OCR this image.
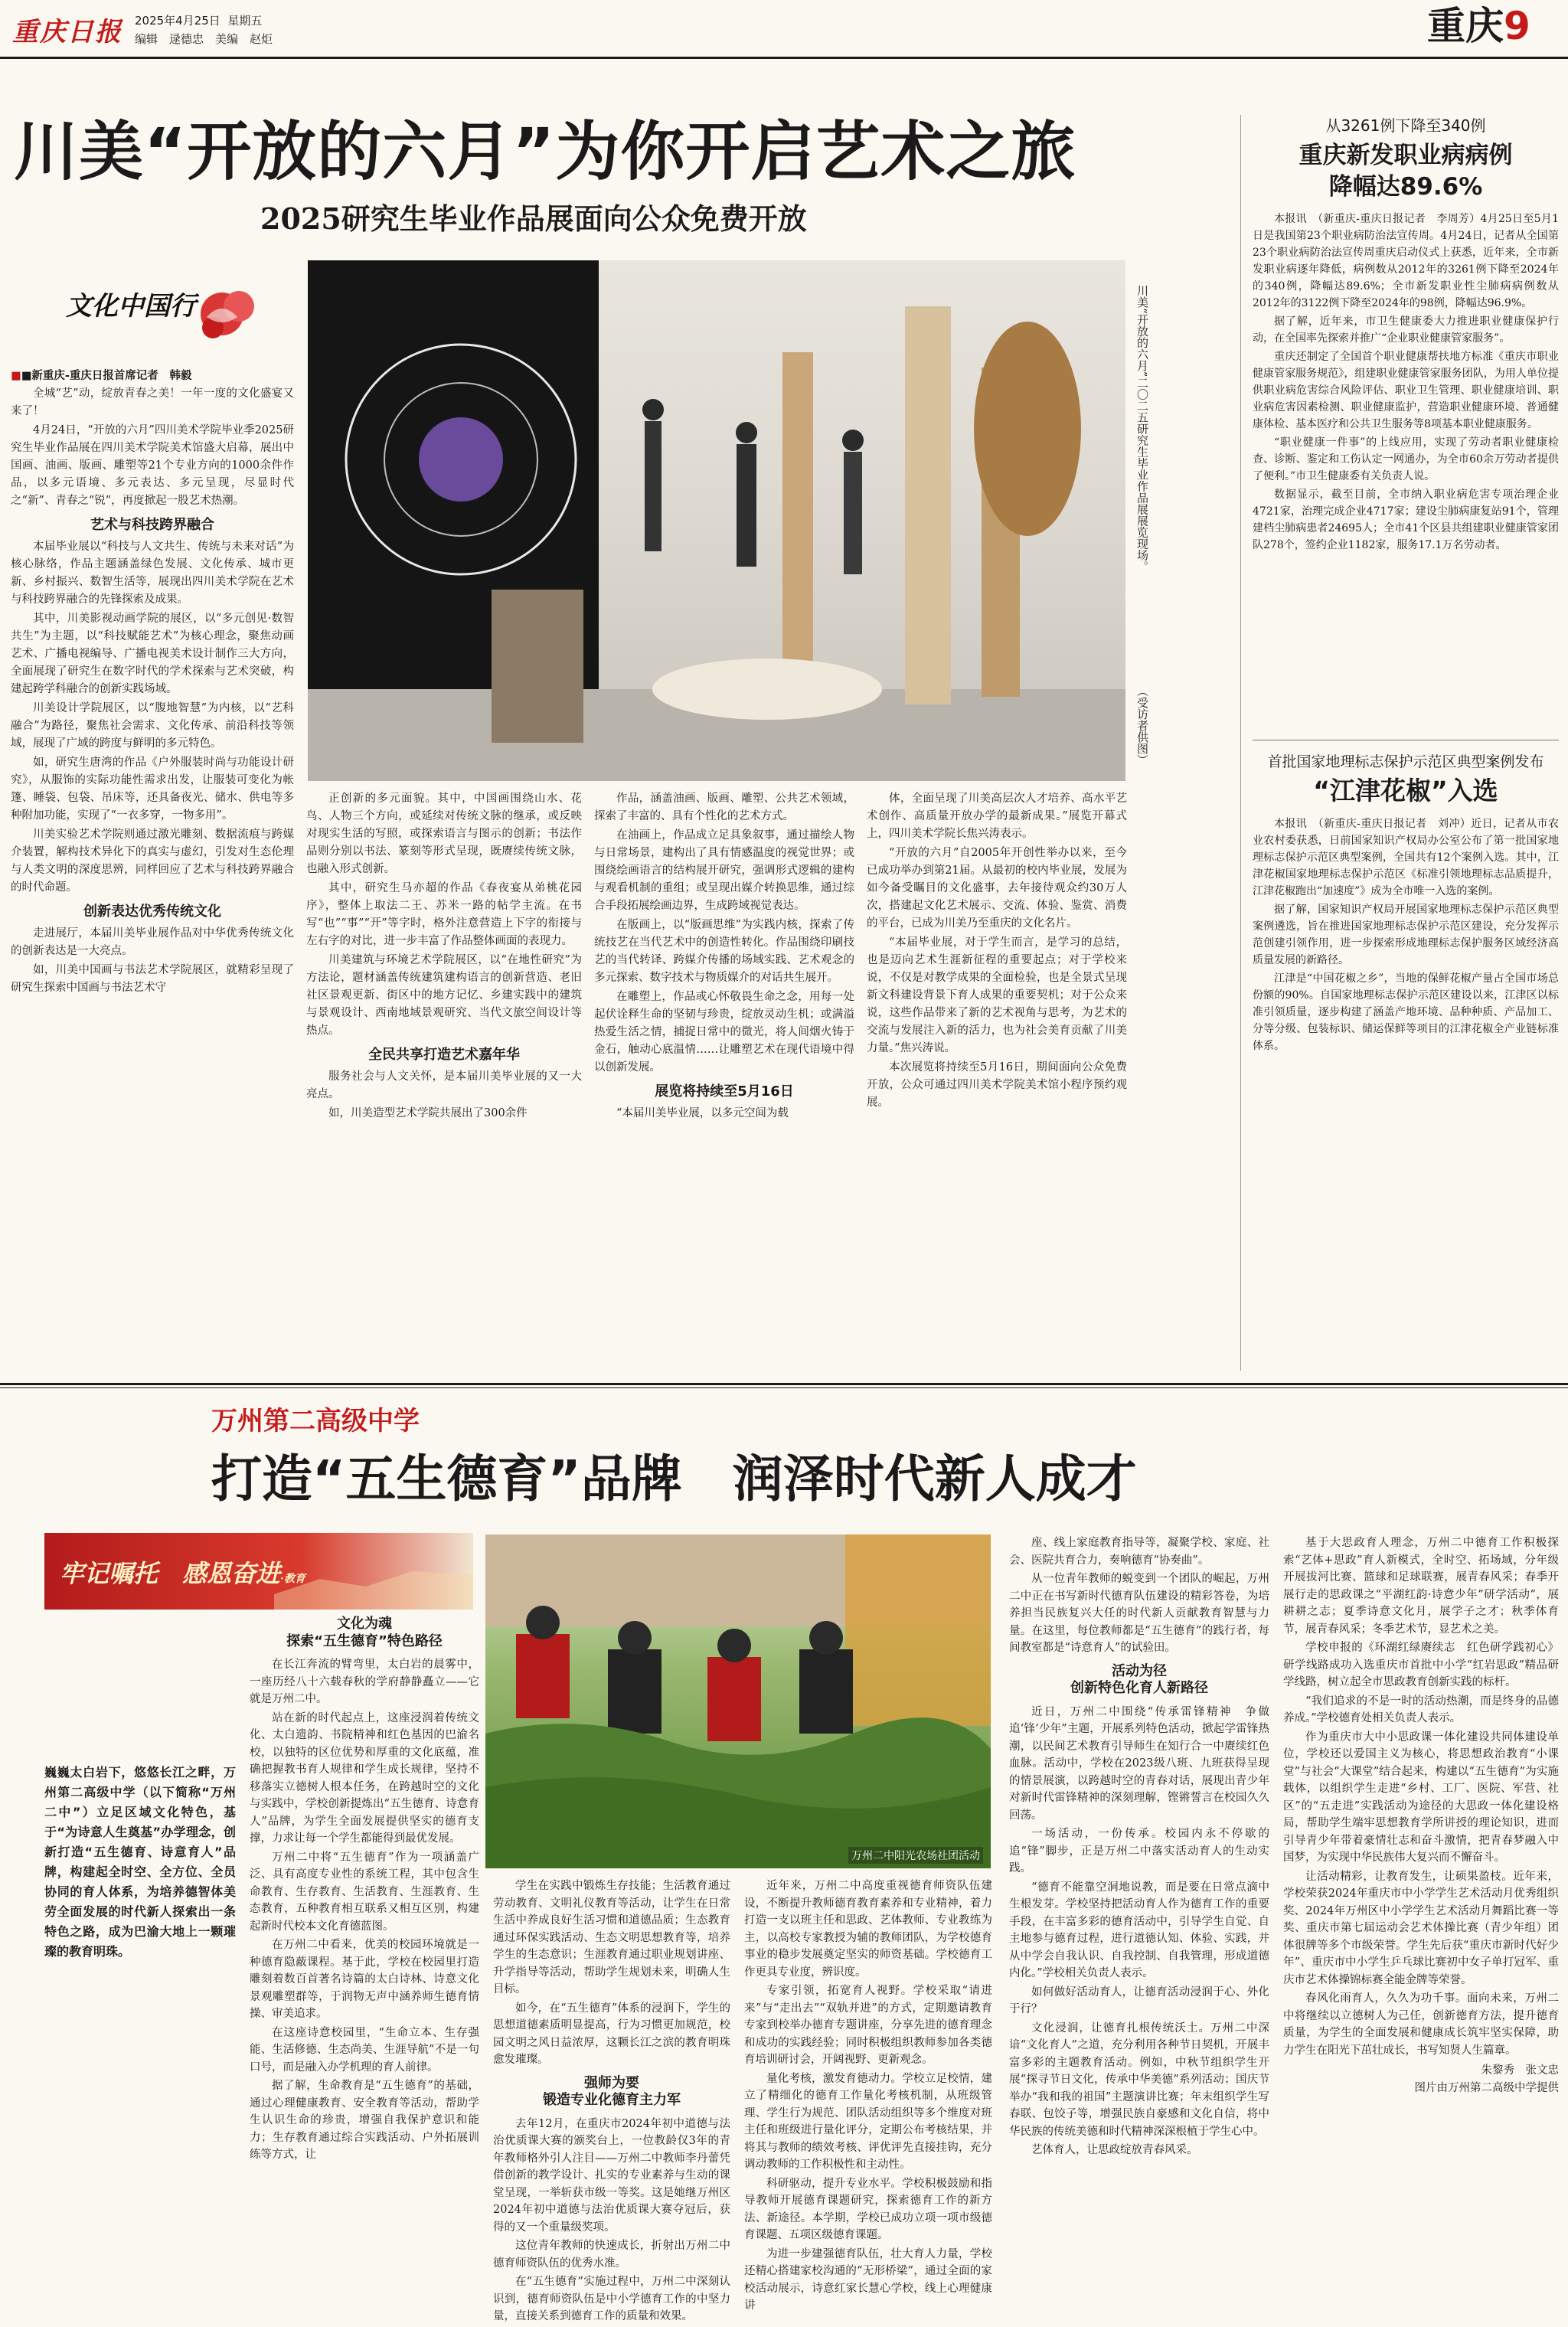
重庆日报 2025年4月25日 星期五
编辑　逯德忠　美编　赵炬	重庆9
川美“开放的六月”为你开启艺术之旅
2025研究生毕业作品展面向公众免费开放
文化中国行	川美“开放的六月”二〇二五研究生毕业作品展展览现场。
（受访者供图）
■■新重庆-重庆日报首席记者　韩毅

全城“艺”动，绽放青春之美！一年一度的文化盛宴又来了！

4月24日，“开放的六月”四川美术学院毕业季2025研究生毕业作品展在四川美术学院美术馆盛大启幕，展出中国画、油画、版画、雕塑等21个专业方向的1000余件作品，以多元语境、多元表达、多元呈现，尽显时代之“新”、青春之“锐”，再度掀起一股艺术热潮。

艺术与科技跨界融合

本届毕业展以“科技与人文共生、传统与未来对话”为核心脉络，作品主题涵盖绿色发展、文化传承、城市更新、乡村振兴、数智生活等，展现出四川美术学院在艺术与科技跨界融合的先锋探索及成果。

其中，川美影视动画学院的展区，以“多元创见·数智共生”为主题，以“科技赋能艺术”为核心理念，聚焦动画艺术、广播电视编导、广播电视美术设计制作三大方向，全面展现了研究生在数字时代的学术探索与艺术突破，构建起跨学科融合的创新实践场域。

川美设计学院展区，以“腹地智慧”为内核，以“艺科融合”为路径，聚焦社会需求、文化传承、前沿科技等领域，展现了广域的跨度与鲜明的多元特色。

如，研究生唐湾的作品《户外服装时尚与功能设计研究》，从服饰的实际功能性需求出发，让服装可变化为帐篷、睡袋、包袋、吊床等，还具备夜光、储水、供电等多种附加功能，实现了“一衣多穿，一物多用”。

川美实验艺术学院则通过激光雕刻、数据流痕与跨媒介装置，解构技术异化下的真实与虚幻，引发对生态伦理与人类文明的深度思辨，同样回应了艺术与科技跨界融合的时代命题。

创新表达优秀传统文化

走进展厅，本届川美毕业展作品对中华优秀传统文化的创新表达是一大亮点。

如，川美中国画与书法艺术学院展区，就精彩呈现了研究生探索中国画与书法艺术守

正创新的多元面貌。其中，中国画围绕山水、花鸟、人物三个方向，或延续对传统文脉的继承，或反映对现实生活的写照，或探索语言与图示的创新；书法作品则分别以书法、篆刻等形式呈现，既赓续传统文脉，也融入形式创新。

其中，研究生马亦超的作品《春夜宴从弟桃花园序》，整体上取法二王、苏米一路的帖学主流。在书写“也”“事”“开”等字时，格外注意营造上下字的衔接与左右字的对比，进一步丰富了作品整体画面的表现力。

川美建筑与环境艺术学院展区，以“在地性研究”为方法论，题材涵盖传统建筑建构语言的创新营造、老旧社区景观更新、街区中的地方记忆、乡建实践中的建筑与景观设计、西南地域景观研究、当代文旅空间设计等热点。

全民共享打造艺术嘉年华

服务社会与人文关怀，是本届川美毕业展的又一大亮点。

如，川美造型艺术学院共展出了300余件

作品，涵盖油画、版画、雕塑、公共艺术领域，探索了丰富的、具有个性化的艺术方式。

在油画上，作品成立足具象叙事，通过描绘人物与日常场景，建构出了具有情感温度的视觉世界；或围绕绘画语言的结构展开研究，强调形式逻辑的建构与观看机制的重组；或呈现出媒介转换思维，通过综合手段拓展绘画边界，生成跨域视觉表达。

在版画上，以“版画思维”为实践内核，探索了传统技艺在当代艺术中的创造性转化。作品围绕印刷技艺的当代转译、跨媒介传播的场域实践、艺术观念的多元探索、数字技术与物质媒介的对话共生展开。

在雕塑上，作品或心怀敬畏生命之念，用每一处起伏诠释生命的坚韧与珍贵，绽放灵动生机；或满溢热爱生活之情，捕捉日常中的微光，将人间烟火铸于金石，触动心底温情……让雕塑艺术在现代语境中得以创新发展。

展览将持续至5月16日

“本届川美毕业展，以多元空间为载

体，全面呈现了川美高层次人才培养、高水平艺术创作、高质量开放办学的最新成果。”展览开幕式上，四川美术学院长焦兴涛表示。

“开放的六月”自2005年开创性举办以来，至今已成功举办到第21届。从最初的校内毕业展，发展为如今备受瞩目的文化盛事，去年接待观众约30万人次，搭建起文化艺术展示、交流、体验、鉴赏、消费的平台，已成为川美乃至重庆的文化名片。

“本届毕业展，对于学生而言，是学习的总结，也是迈向艺术生涯新征程的重要起点；对于学校来说，不仅是对教学成果的全面检验，也是全景式呈现新文科建设背景下育人成果的重要契机；对于公众来说，这些作品带来了新的艺术视角与思考，为艺术的交流与发展注入新的活力，也为社会美育贡献了川美力量。”焦兴涛说。

本次展览将持续至5月16日，期间面向公众免费开放，公众可通过四川美术学院美术馆小程序预约观展。

从3261例下降至340例
重庆新发职业病病例
降幅达89.6%

本报讯　（新重庆-重庆日报记者　李周芳）4月25日至5月1日是我国第23个职业病防治法宣传周。4月24日，记者从全国第23个职业病防治法宣传周重庆启动仪式上获悉，近年来，全市新发职业病逐年降低，病例数从2012年的3261例下降至2024年的340例，降幅达89.6%；全市新发职业性尘肺病病例数从2012年的3122例下降至2024年的98例，降幅达96.9%。

据了解，近年来，市卫生健康委大力推进职业健康保护行动，在全国率先探索并推广“企业职业健康管家服务”。

重庆还制定了全国首个职业健康帮扶地方标准《重庆市职业健康管家服务规范》，组建职业健康管家服务团队，为用人单位提供职业病危害综合风险评估、职业卫生管理、职业健康培训、职业病危害因素检测、职业健康监护，营造职业健康环境、普通健康体检、基本医疗和公共卫生服务等8项基本职业健康服务。

“职业健康一件事”的上线应用，实现了劳动者职业健康检查、诊断、鉴定和工伤认定一网通办，为全市60余万劳动者提供了便利。”市卫生健康委有关负责人说。

数据显示，截至目前，全市纳入职业病危害专项治理企业4721家，治理完成企业4717家；建设尘肺病康复站91个，管理建档尘肺病患者24695人；全市41个区县共组建职业健康管家团队278个，签约企业1182家，服务17.1万名劳动者。

首批国家地理标志保护示范区典型案例发布
“江津花椒”入选

本报讯　（新重庆-重庆日报记者　刘冲）近日，记者从市农业农村委获悉，日前国家知识产权局办公室公布了第一批国家地理标志保护示范区典型案例，全国共有12个案例入选。其中，江津花椒国家地理标志保护示范区《标准引领地理标志品质提升，江津花椒跑出“加速度”》成为全市唯一入选的案例。

据了解，国家知识产权局开展国家地理标志保护示范区典型案例遴选，旨在推进国家地理标志保护示范区建设，充分发挥示范创建引领作用，进一步探索形成地理标志保护服务区域经济高质量发展的新路径。

江津是“中国花椒之乡”，当地的保鲜花椒产量占全国市场总份额的90%。自国家地理标志保护示范区建设以来，江津区以标准引领质量，逐步构建了涵盖产地环境、品种种质、产品加工、分等分级、包装标识、储运保鲜等项目的江津花椒全产业链标准体系。

万州第二高级中学
打造“五生德育”品牌　润泽时代新人成才
牢记嘱托　感恩奋进·教育
万州二中阳光农场社团活动
巍巍太白岩下，悠悠长江之畔，万州第二高级中学（以下简称“万州二中”）立足区域文化特色，基于“为诗意人生奠基”办学理念，创新打造“五生德育、诗意育人”品牌，构建起全时空、全方位、全员协同的育人体系，为培养德智体美劳全面发展的时代新人探索出一条特色之路，成为巴渝大地上一颗璀璨的教育明珠。
文化为魂
探索“五生德育”特色路径

在长江奔流的臂弯里，太白岩的晨雾中，一座历经八十六载春秋的学府静静矗立——它就是万州二中。

站在新的时代起点上，这座浸润着传统文化、太白遗韵、书院精神和红色基因的巴渝名校，以独特的区位优势和厚重的文化底蕴，准确把握教书育人规律和学生成长规律，坚持不移落实立德树人根本任务，在跨越时空的文化与实践中，学校创新提炼出“五生德育、诗意育人”品牌，为学生全面发展提供坚实的德育支撑，力求让每一个学生都能得到最优发展。

万州二中将“五生德育”作为一项涵盖广泛、具有高度专业性的系统工程，其中包含生命教育、生存教育、生活教育、生涯教育、生态教育，五种教育相互联系又相互区别，构建起新时代校本文化育德蓝图。

在万州二中看来，优美的校园环境就是一种德育隐蔽课程。基于此，学校在校园里打造雕刻着数百首著名诗篇的太白诗林、诗意文化景观雕塑群等，于润物无声中涵养师生德育情操、审美追求。

在这座诗意校园里，“生命立本、生存强能、生活修德、生态尚美、生涯导航”不是一句口号，而是融入办学机理的育人前律。

据了解，生命教育是“五生德育”的基础，通过心理健康教育、安全教育等活动，帮助学生认识生命的珍贵，增强自我保护意识和能力；生存教育通过综合实践活动、户外拓展训练等方式，让

学生在实践中锻炼生存技能；生活教育通过劳动教育、文明礼仪教育等活动，让学生在日常生活中养成良好生活习惯和道德品质；生态教育通过环保实践活动、生态文明思想教育等，培养学生的生态意识；生涯教育通过职业规划讲座、升学指导等活动，帮助学生规划未来，明确人生目标。

如今，在“五生德育”体系的浸润下，学生的思想道德素质明显提高，行为习惯更加规范，校园文明之风日益浓厚，这颗长江之滨的教育明珠愈发璀璨。

强师为要
锻造专业化德育主力军

去年12月，在重庆市2024年初中道德与法治优质课大赛的颁奖台上，一位教龄仅3年的青年教师格外引人注目——万州二中教师李丹蕾凭借创新的教学设计、扎实的专业素养与生动的课堂呈现，一举斩获市级一等奖。这是她继万州区2024年初中道德与法治优质课大赛夺冠后，获得的又一个重量级奖项。

这位青年教师的快速成长，折射出万州二中德育师资队伍的优秀水准。

在“五生德育”实施过程中，万州二中深刻认识到，德育师资队伍是中小学德育工作的中坚力量，直接关系到德育工作的质量和效果。

近年来，万州二中高度重视德育师资队伍建设，不断提升教师德育教育素养和专业精神，着力打造一支以班主任和思政、艺体教师、专业教练为主，以高校专家教授为辅的教师团队，为学校德育事业的稳步发展奠定坚实的师资基础。学校德育工作更具专业度，辨识度。

专家引领，拓宽育人视野。学校采取“请进来”与“走出去”“双轨并进”的方式，定期邀请教育专家到校举办德育专题讲座，分享先进的德育理念和成功的实践经验；同时积极组织教师参加各类德育培训研讨会，开阔视野、更新观念。

量化考核，激发育德动力。学校立足校情，建立了精细化的德育工作量化考核机制，从班级管理、学生行为规范、团队活动组织等多个维度对班主任和班级进行量化评分，定期公布考核结果，并将其与教师的绩效考核、评优评先直接挂钩，充分调动教师的工作积极性和主动性。

科研驱动，提升专业水平。学校积极鼓励和指导教师开展德育课题研究，探索德育工作的新方法、新途径。本学期，学校已成功立项一项市级德育课题、五项区级德育课题。

为进一步建强德育队伍，壮大育人力量，学校还精心搭建家校沟通的“无形桥梁”，通过全面的家校活动展示，诗意红家长慧心学校，线上心理健康讲

座、线上家庭教育指导等，凝聚学校、家庭、社会、医院共育合力，奏响德育“协奏曲”。

从一位青年教师的蜕变到一个团队的崛起，万州二中正在书写新时代德育队伍建设的精彩答卷，为培养担当民族复兴大任的时代新人贡献教育智慧与力量。在这里，每位教师都是“五生德育”的践行者，每间教室都是“诗意育人”的试验田。

活动为径
创新特色化育人新路径

近日，万州二中围绕“传承雷锋精神　争做追‘锋’少年”主题，开展系列特色活动，掀起学雷锋热潮，以民间艺术教育引导师生在知行合一中赓续红色血脉。活动中，学校在2023级八班、九班获得呈现的情景展演，以跨越时空的青春对话，展现出青少年对新时代雷锋精神的深刻理解，铿锵誓言在校园久久回荡。

一场活动，一份传承。校园内永不停歇的追“锋”脚步，正是万州二中落实活动育人的生动实践。

“德育不能靠空洞地说教，而是要在日常点滴中生根发芽。学校坚持把活动育人作为德育工作的重要手段，在丰富多彩的德育活动中，引导学生自觉、自主地参与德育过程，进行道德认知、体验、实践，并从中学会自我认识、自我控制、自我管理，形成道德内化。”学校相关负责人表示。

如何做好活动育人，让德育活动浸润于心、外化于行？

文化浸润，让德育扎根传统沃土。万州二中深谙“文化育人”之道，充分利用各种节日契机，开展丰富多彩的主题教育活动。例如，中秋节组织学生开展“探寻节日文化，传承中华美德”系列活动；国庆节举办“我和我的祖国”主题演讲比赛；年末组织学生写春联、包饺子等，增强民族自豪感和文化自信，将中华民族的传统美德和时代精神深深根植于学生心中。

艺体育人，让思政绽放青春风采。

基于大思政育人理念，万州二中德育工作积极探索“艺体+思政”育人新模式，全时空、拓场域，分年级开展拔河比赛、篮球和足球联赛，展青春风采；春季开展行走的思政课之“平湖红韵·诗意少年”研学活动”，展耕耕之志；夏季诗意文化月，展学子之才；秋季体育节，展青春风采；冬季艺术节，显艺术之美。

学校申报的《环湖红绿赓续志　红色研学践初心》研学线路成功入选重庆市首批中小学“红岩思政”精品研学线路，树立起全市思政教育创新实践的标杆。

“我们追求的不是一时的活动热潮，而是终身的品德养成。”学校德育处相关负责人表示。

作为重庆市大中小思政课一体化建设共同体建设单位，学校还以爱国主义为核心，将思想政治教育“小课堂”与社会“大课堂”结合起来，构建以“五生德育”为实施载体，以组织学生走进“乡村、工厂、医院、军营、社区”的“五走进”实践活动为途径的大思政一体化建设格局，帮助学生端牢思想教育学所讲授的理论知识，进而引导青少年带着豪情壮志和奋斗激情，把青春梦融入中国梦，为实现中华民族伟大复兴而不懈奋斗。

让活动精彩，让教育发生，让硕果盈枝。近年来，学校荣获2024年重庆市中小学学生艺术活动月优秀组织奖、2024年万州区中小学学生艺术活动月舞蹈比赛一等奖、重庆市第七届运动会艺术体操比赛（青少年组）团体很牌等多个市级荣誉。学生先后获“重庆市新时代好少年”、重庆市中小学生乒乓球比赛初中女子单打冠军、重庆市艺术体操锦标赛全能金牌等荣誉。

春风化雨育人，久久为功千事。面向未来，万州二中将继续以立德树人为己任，创新德育方法，提升德育质量，为学生的全面发展和健康成长筑牢坚实保障，助力学生在阳光下茁壮成长，书写知贤人生篇章。

朱黎秀　张文忠
图片由万州第二高级中学提供
